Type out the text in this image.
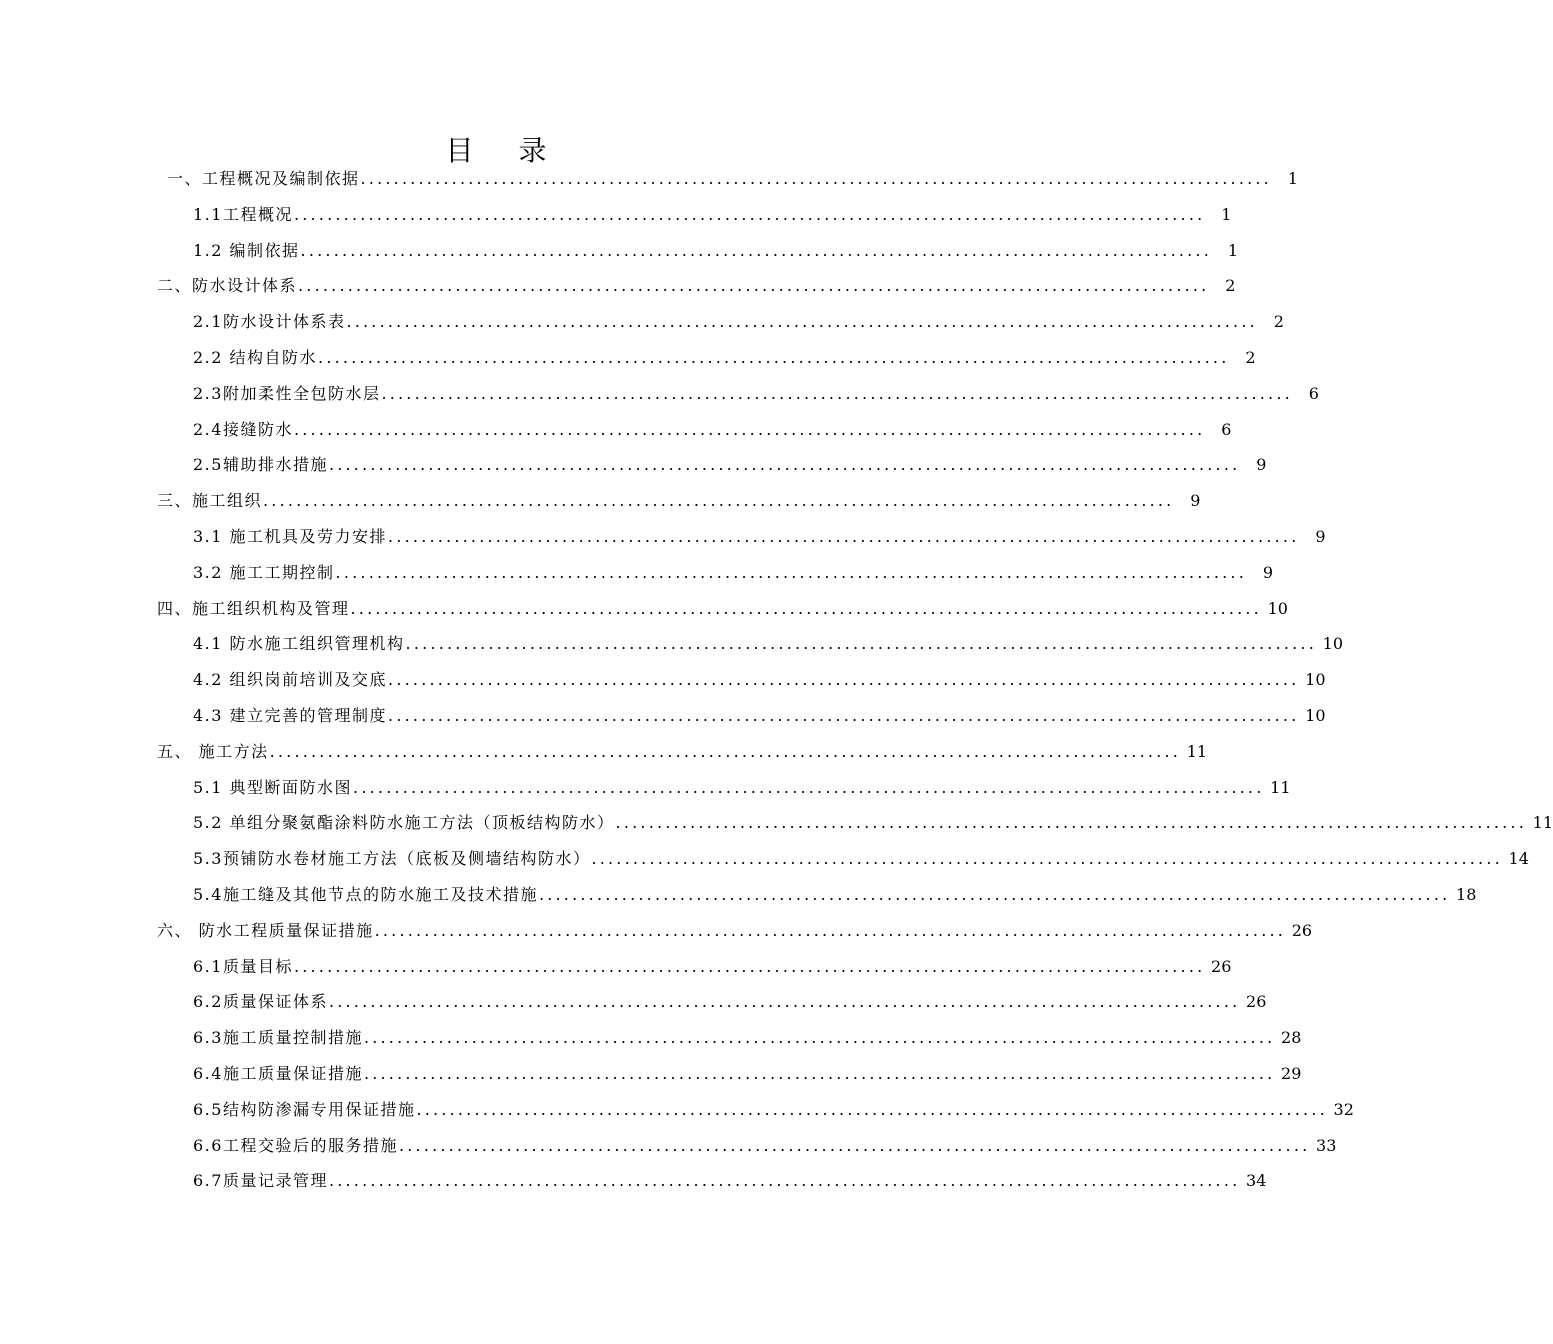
目 录
一、工程概况及编制依据 .............................................................................................................. 1
1.1工程概况 .............................................................................................................. 1
1.2 编制依据 .............................................................................................................. 1
二、防水设计体系 .............................................................................................................. 2
2.1防水设计体系表 .............................................................................................................. 2
2.2 结构自防水 .............................................................................................................. 2
2.3附加柔性全包防水层 .............................................................................................................. 6
2.4接缝防水 .............................................................................................................. 6
2.5辅助排水措施 .............................................................................................................. 9
三、施工组织 .............................................................................................................. 9
3.1 施工机具及劳力安排 .............................................................................................................. 9
3.2 施工工期控制 .............................................................................................................. 9
四、施工组织机构及管理 .............................................................................................................. 10
4.1 防水施工组织管理机构 .............................................................................................................. 10
4.2 组织岗前培训及交底 .............................................................................................................. 10
4.3 建立完善的管理制度 .............................................................................................................. 10
五、 施工方法 .............................................................................................................. 11
5.1 典型断面防水图 .............................................................................................................. 11
5.2 单组分聚氨酯涂料防水施工方法（顶板结构防水） .............................................................................................................. 11
5.3预铺防水卷材施工方法（底板及侧墙结构防水） .............................................................................................................. 14
5.4施工缝及其他节点的防水施工及技术措施 .............................................................................................................. 18
六、 防水工程质量保证措施 .............................................................................................................. 26
6.1质量目标 .............................................................................................................. 26
6.2质量保证体系 .............................................................................................................. 26
6.3施工质量控制措施 .............................................................................................................. 28
6.4施工质量保证措施 .............................................................................................................. 29
6.5结构防渗漏专用保证措施 .............................................................................................................. 32
6.6工程交验后的服务措施 .............................................................................................................. 33
6.7质量记录管理 .............................................................................................................. 34
